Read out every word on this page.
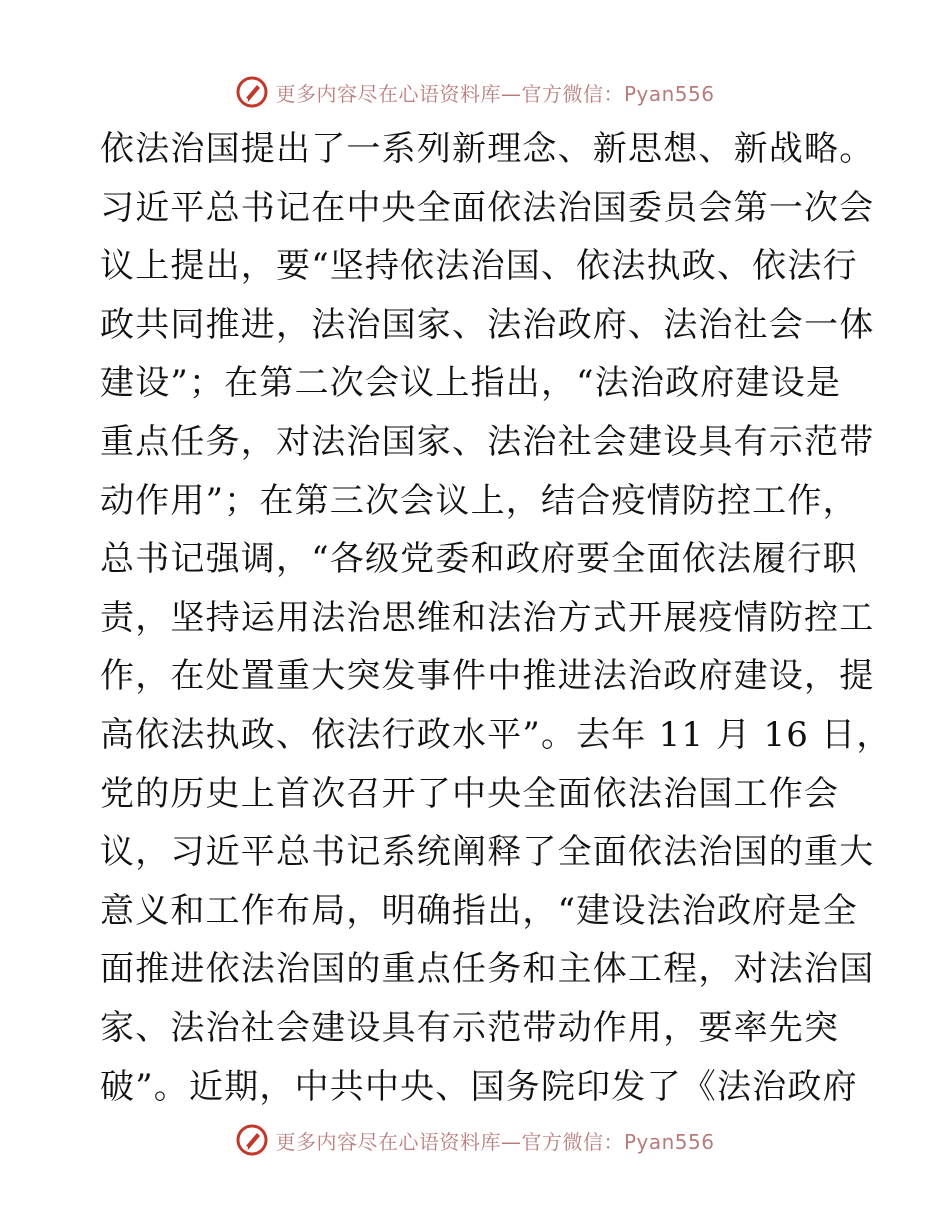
更多内容尽在心语资料库—官方微信：Pyan556
依法治国提出了一系列新理念、新思想、新战略。
习近平总书记在中央全面依法治国委员会第一次会
议上提出，要“坚持依法治国、依法执政、依法行
政共同推进，法治国家、法治政府、法治社会一体
建设”；在第二次会议上指出，“法治政府建设是
重点任务，对法治国家、法治社会建设具有示范带
动作用”；在第三次会议上，结合疫情防控工作，
总书记强调，“各级党委和政府要全面依法履行职
责，坚持运用法治思维和法治方式开展疫情防控工
作，在处置重大突发事件中推进法治政府建设，提
高依法执政、依法行政水平”。去年 11 月 16 日，
党的历史上首次召开了中央全面依法治国工作会
议，习近平总书记系统阐释了全面依法治国的重大
意义和工作布局，明确指出，“建设法治政府是全
面推进依法治国的重点任务和主体工程，对法治国
家、法治社会建设具有示范带动作用，要率先突
破”。近期，中共中央、国务院印发了《法治政府
更多内容尽在心语资料库—官方微信：Pyan556
